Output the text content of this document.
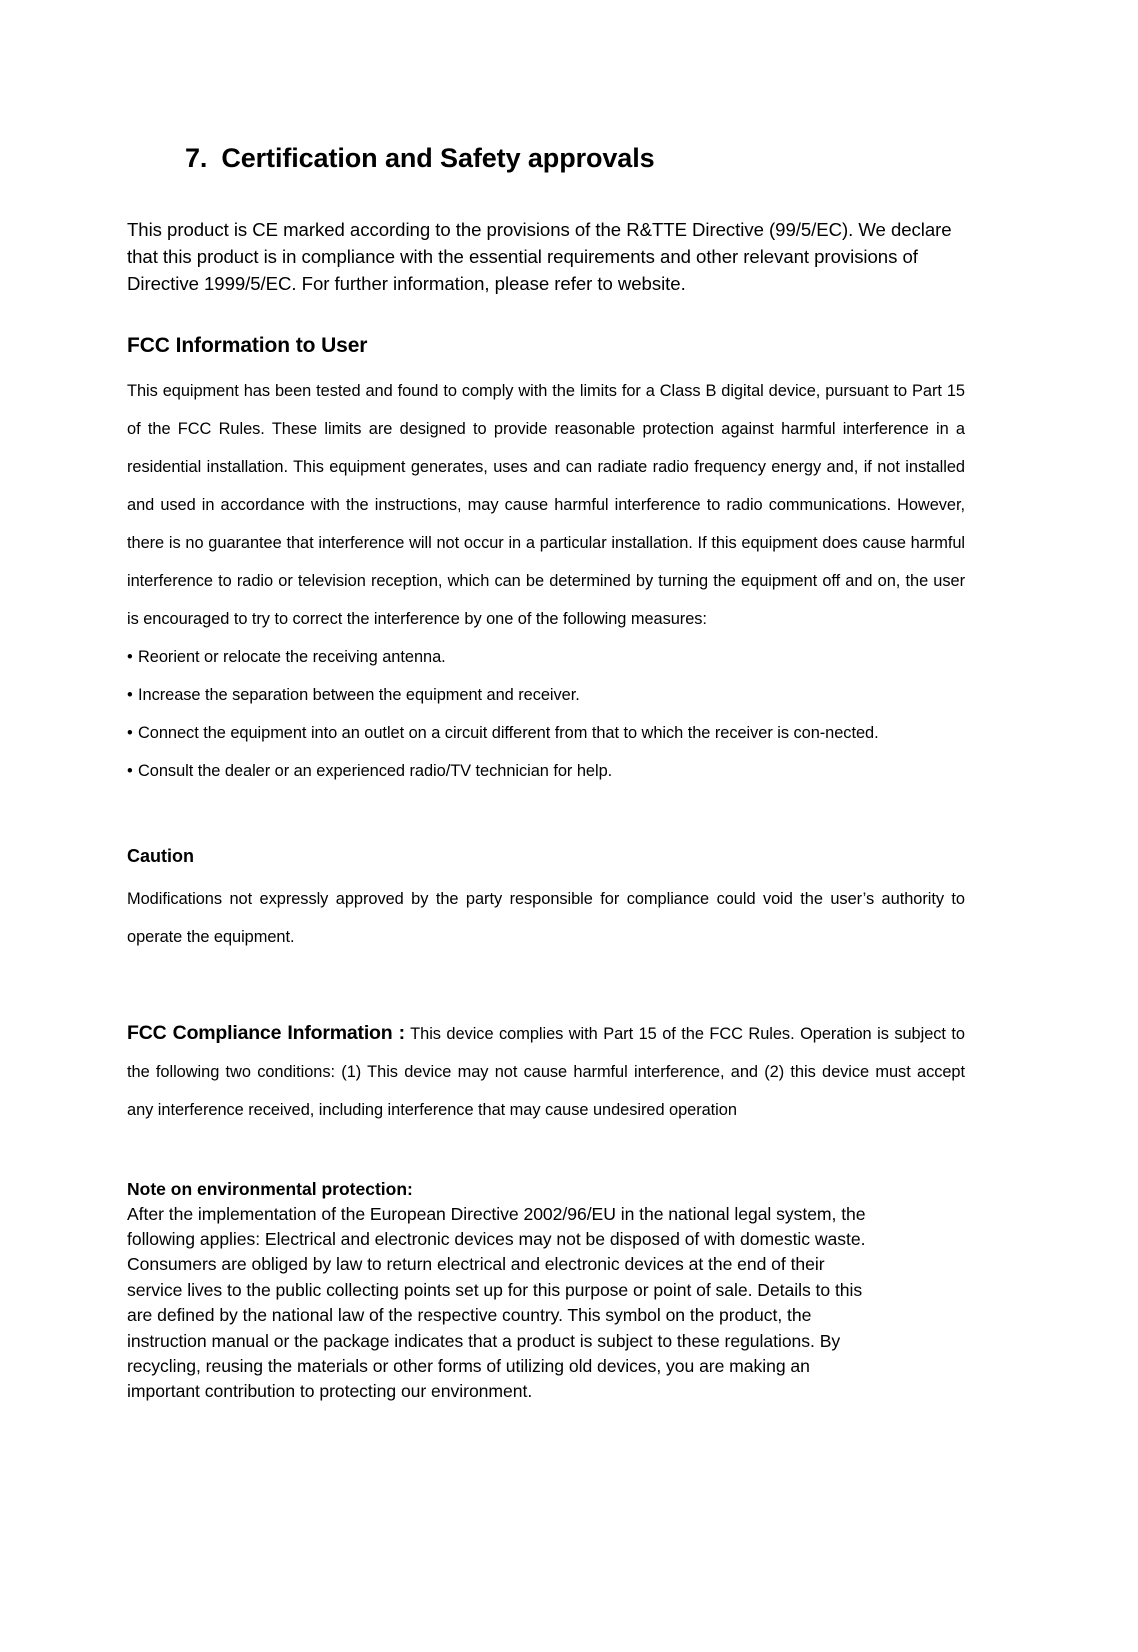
7. Certification and Safety approvals

This product is CE marked according to the provisions of the R&TTE Directive (99/5/EC). We declare that this product is in compliance with the essential requirements and other relevant provisions of Directive 1999/5/EC. For further information, please refer to website.

FCC Information to User

This equipment has been tested and found to comply with the limits for a Class B digital device, pursuant to Part 15 of the FCC Rules. These limits are designed to provide reasonable protection against harmful interference in a residential installation. This equipment generates, uses and can radiate radio frequency energy and, if not installed and used in accordance with the instructions, may cause harmful interference to radio communications. However, there is no guarantee that interference will not occur in a particular installation. If this equipment does cause harmful interference to radio or television reception, which can be determined by turning the equipment off and on, the user is encouraged to try to correct the interference by one of the following measures:

• Reorient or relocate the receiving antenna.
• Increase the separation between the equipment and receiver.
• Connect the equipment into an outlet on a circuit different from that to which the receiver is con-nected.
• Consult the dealer or an experienced radio/TV technician for help.
Caution

Modifications not expressly approved by the party responsible for compliance could void the user’s authority to operate the equipment.

FCC Compliance Information : This device complies with Part 15 of the FCC Rules. Operation is subject to the following two conditions: (1) This device may not cause harmful interference, and (2) this device must accept any interference received, including interference that may cause undesired operation

Note on environmental protection:
After the implementation of the European Directive 2002/96/EU in the national legal system, the
following applies: Electrical and electronic devices may not be disposed of with domestic waste.
Consumers are obliged by law to return electrical and electronic devices at the end of their
service lives to the public collecting points set up for this purpose or point of sale. Details to this
are defined by the national law of the respective country. This symbol on the product, the
instruction manual or the package indicates that a product is subject to these regulations. By
recycling, reusing the materials or other forms of utilizing old devices, you are making an
important contribution to protecting our environment.
